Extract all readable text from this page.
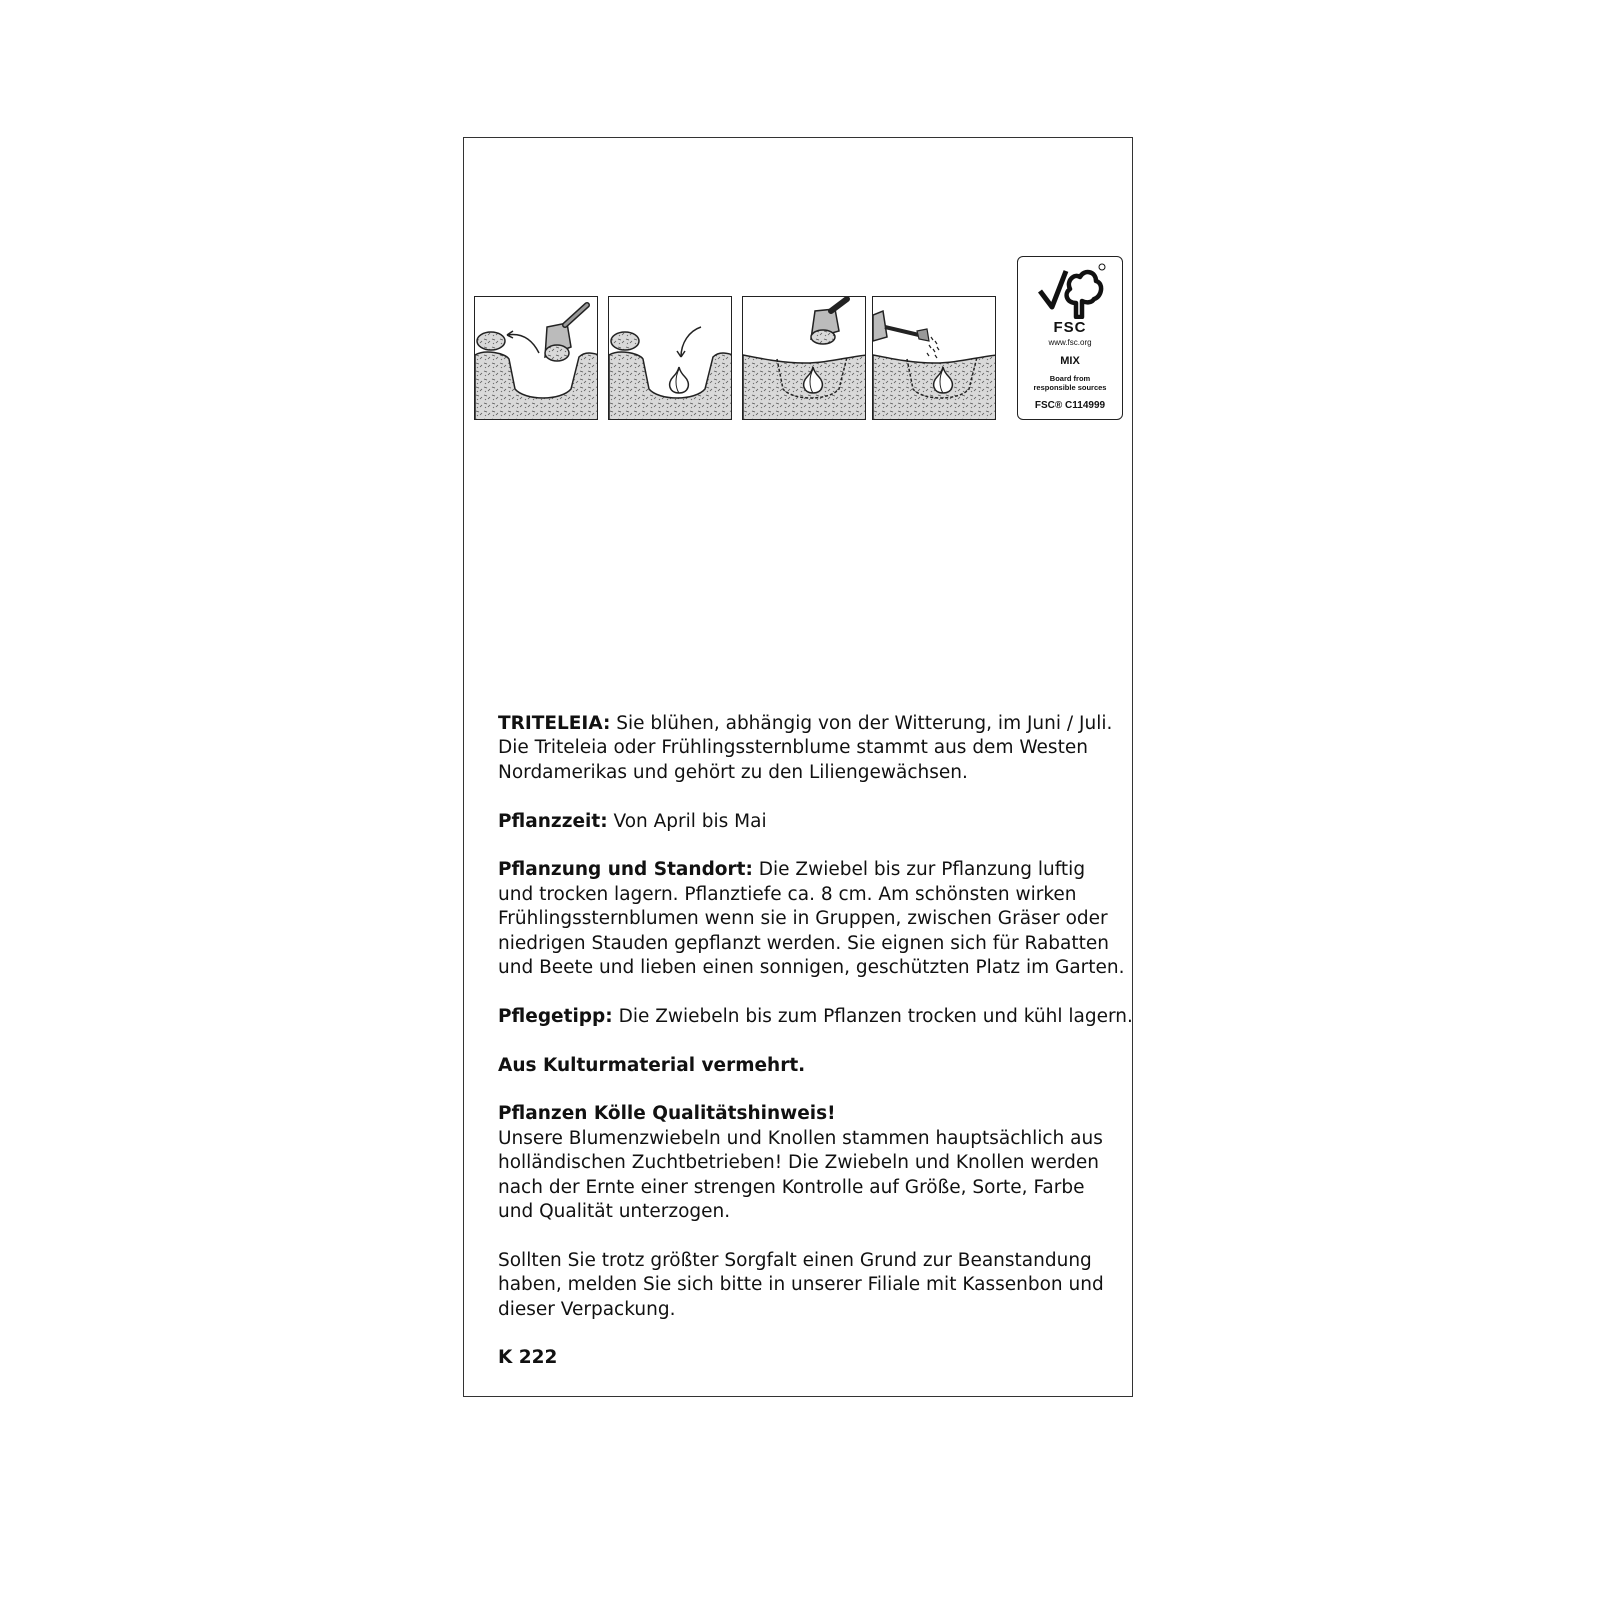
FSC
www.fsc.org
MIX
Board from
responsible sources
FSC® C114999

TRITELEIA: Sie blühen, abhängig von der Witterung, im Juni / Juli.
Die Triteleia oder Frühlingssternblume stammt aus dem Westen
Nordamerikas und gehört zu den Liliengewächsen.

Pflanzzeit: Von April bis Mai

Pflanzung und Standort: Die Zwiebel bis zur Pflanzung luftig
und trocken lagern. Pflanztiefe ca. 8 cm. Am schönsten wirken
Frühlingssternblumen wenn sie in Gruppen, zwischen Gräser oder
niedrigen Stauden gepflanzt werden. Sie eignen sich für Rabatten
und Beete und lieben einen sonnigen, geschützten Platz im Garten.

Pflegetipp: Die Zwiebeln bis zum Pflanzen trocken und kühl lagern.

Aus Kulturmaterial vermehrt.

Pflanzen Kölle Qualitätshinweis!
Unsere Blumenzwiebeln und Knollen stammen hauptsächlich aus
holländischen Zuchtbetrieben! Die Zwiebeln und Knollen werden
nach der Ernte einer strengen Kontrolle auf Größe, Sorte, Farbe
und Qualität unterzogen.

Sollten Sie trotz größter Sorgfalt einen Grund zur Beanstandung
haben, melden Sie sich bitte in unserer Filiale mit Kassenbon und
dieser Verpackung.

K 222
